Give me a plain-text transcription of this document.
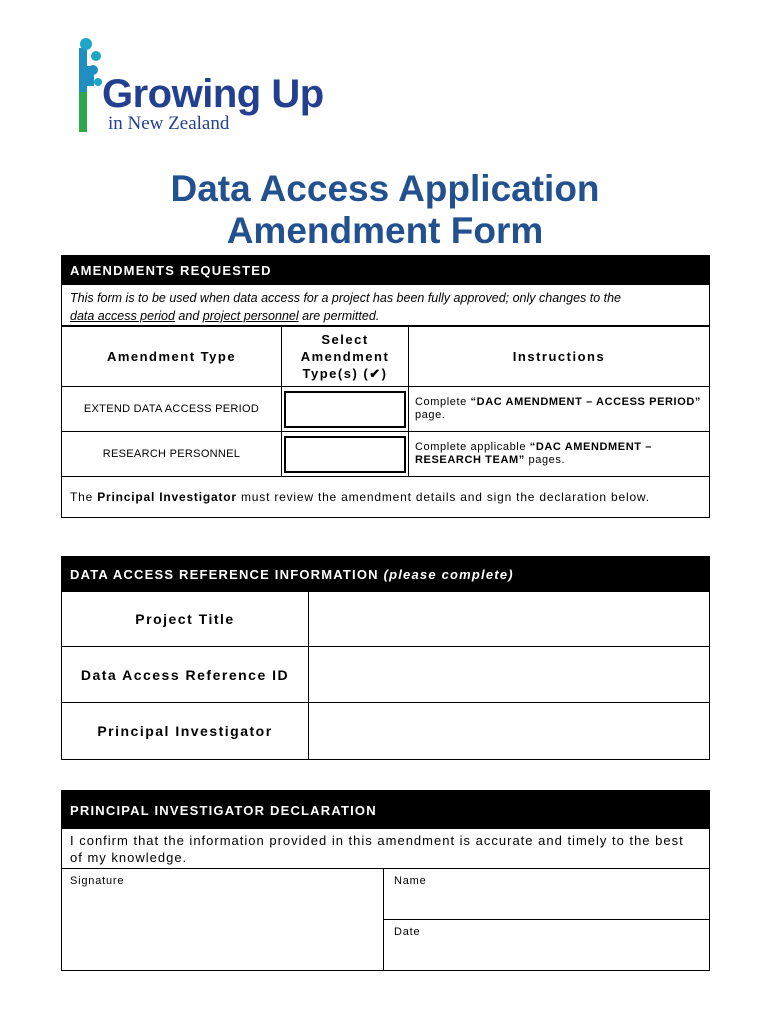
Growing Up
in New Zealand
Data Access Application
Amendment Form
AMENDMENTS REQUESTED
This form is to be used when data access for a project has been fully approved; only changes to the
data access period and project personnel are permitted.
Amendment Type	Select
Amendment
Type(s) (✔)	Instructions
EXTEND DATA ACCESS PERIOD		Complete “DAC AMENDMENT – ACCESS PERIOD” page.
RESEARCH PERSONNEL		Complete applicable “DAC AMENDMENT – RESEARCH TEAM” pages.
The Principal Investigator must review the amendment details and sign the declaration below.
DATA ACCESS REFERENCE INFORMATION
(please complete)
Project Title	
Data Access Reference ID	
Principal Investigator	
PRINCIPAL INVESTIGATOR DECLARATION
I confirm that the information provided in this amendment is accurate and timely to the best of my knowledge.
Signature	Name
Date
